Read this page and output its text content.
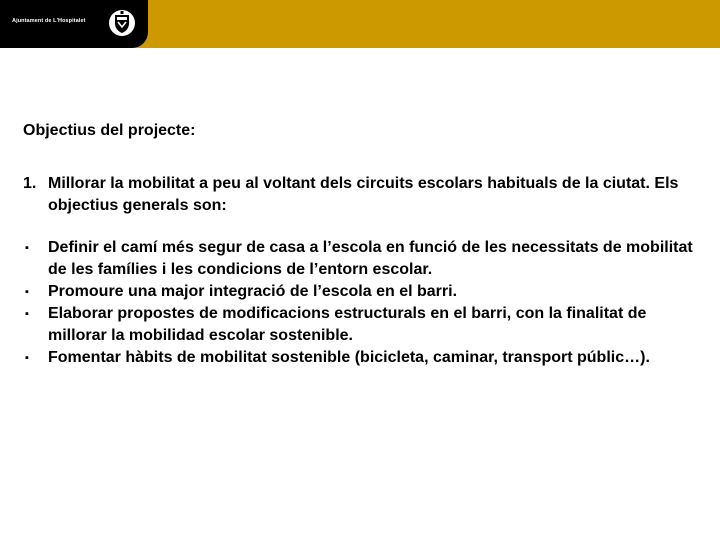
Ajuntament de L'Hospitalet
Objectius del projecte:
1. Millorar la mobilitat a peu al voltant dels circuits escolars habituals de la ciutat. Els objectius generals son:
▪ Definir el camí més segur de casa a l’escola en funció de les necessitats de mobilitat de les famílies i les condicions de l’entorn escolar.
▪ Promoure una major integració de l’escola en el barri.
▪ Elaborar propostes de modificacions estructurals en el barri, con la finalitat de millorar la mobilidad escolar sostenible.
▪ Fomentar hàbits de mobilitat sostenible (bicicleta, caminar, transport públic…).
